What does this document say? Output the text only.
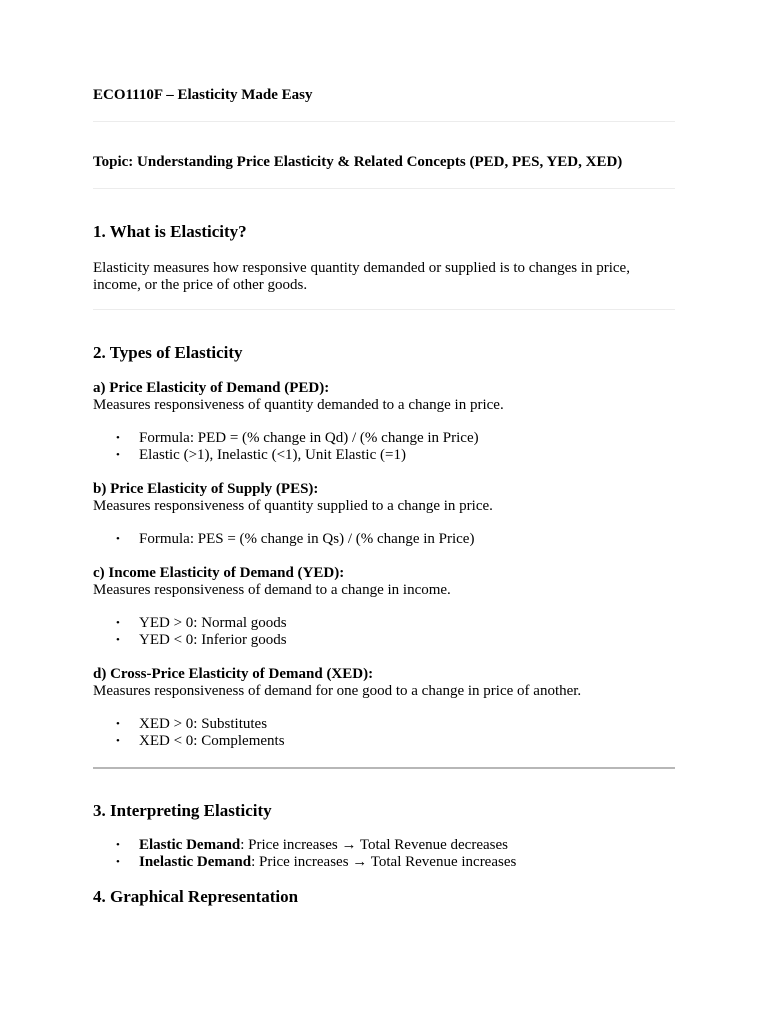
ECO1110F – Elasticity Made Easy

Topic: Understanding Price Elasticity & Related Concepts (PED, PES, YED, XED)

1. What is Elasticity?
Elasticity measures how responsive quantity demanded or supplied is to changes in price,
income, or the price of other goods.
2. Types of Elasticity
a) Price Elasticity of Demand (PED):
Measures responsiveness of quantity demanded to a change in price.
• Formula: PED = (% change in Qd) / (% change in Price)
• Elastic (>1), Inelastic (<1), Unit Elastic (=1)
b) Price Elasticity of Supply (PES):
Measures responsiveness of quantity supplied to a change in price.
• Formula: PES = (% change in Qs) / (% change in Price)
c) Income Elasticity of Demand (YED):
Measures responsiveness of demand to a change in income.
• YED > 0: Normal goods
• YED < 0: Inferior goods
d) Cross-Price Elasticity of Demand (XED):
Measures responsiveness of demand for one good to a change in price of another.
• XED > 0: Substitutes
• XED < 0: Complements
3. Interpreting Elasticity
• Elastic Demand: Price increases → Total Revenue decreases
• Inelastic Demand: Price increases → Total Revenue increases
4. Graphical Representation
